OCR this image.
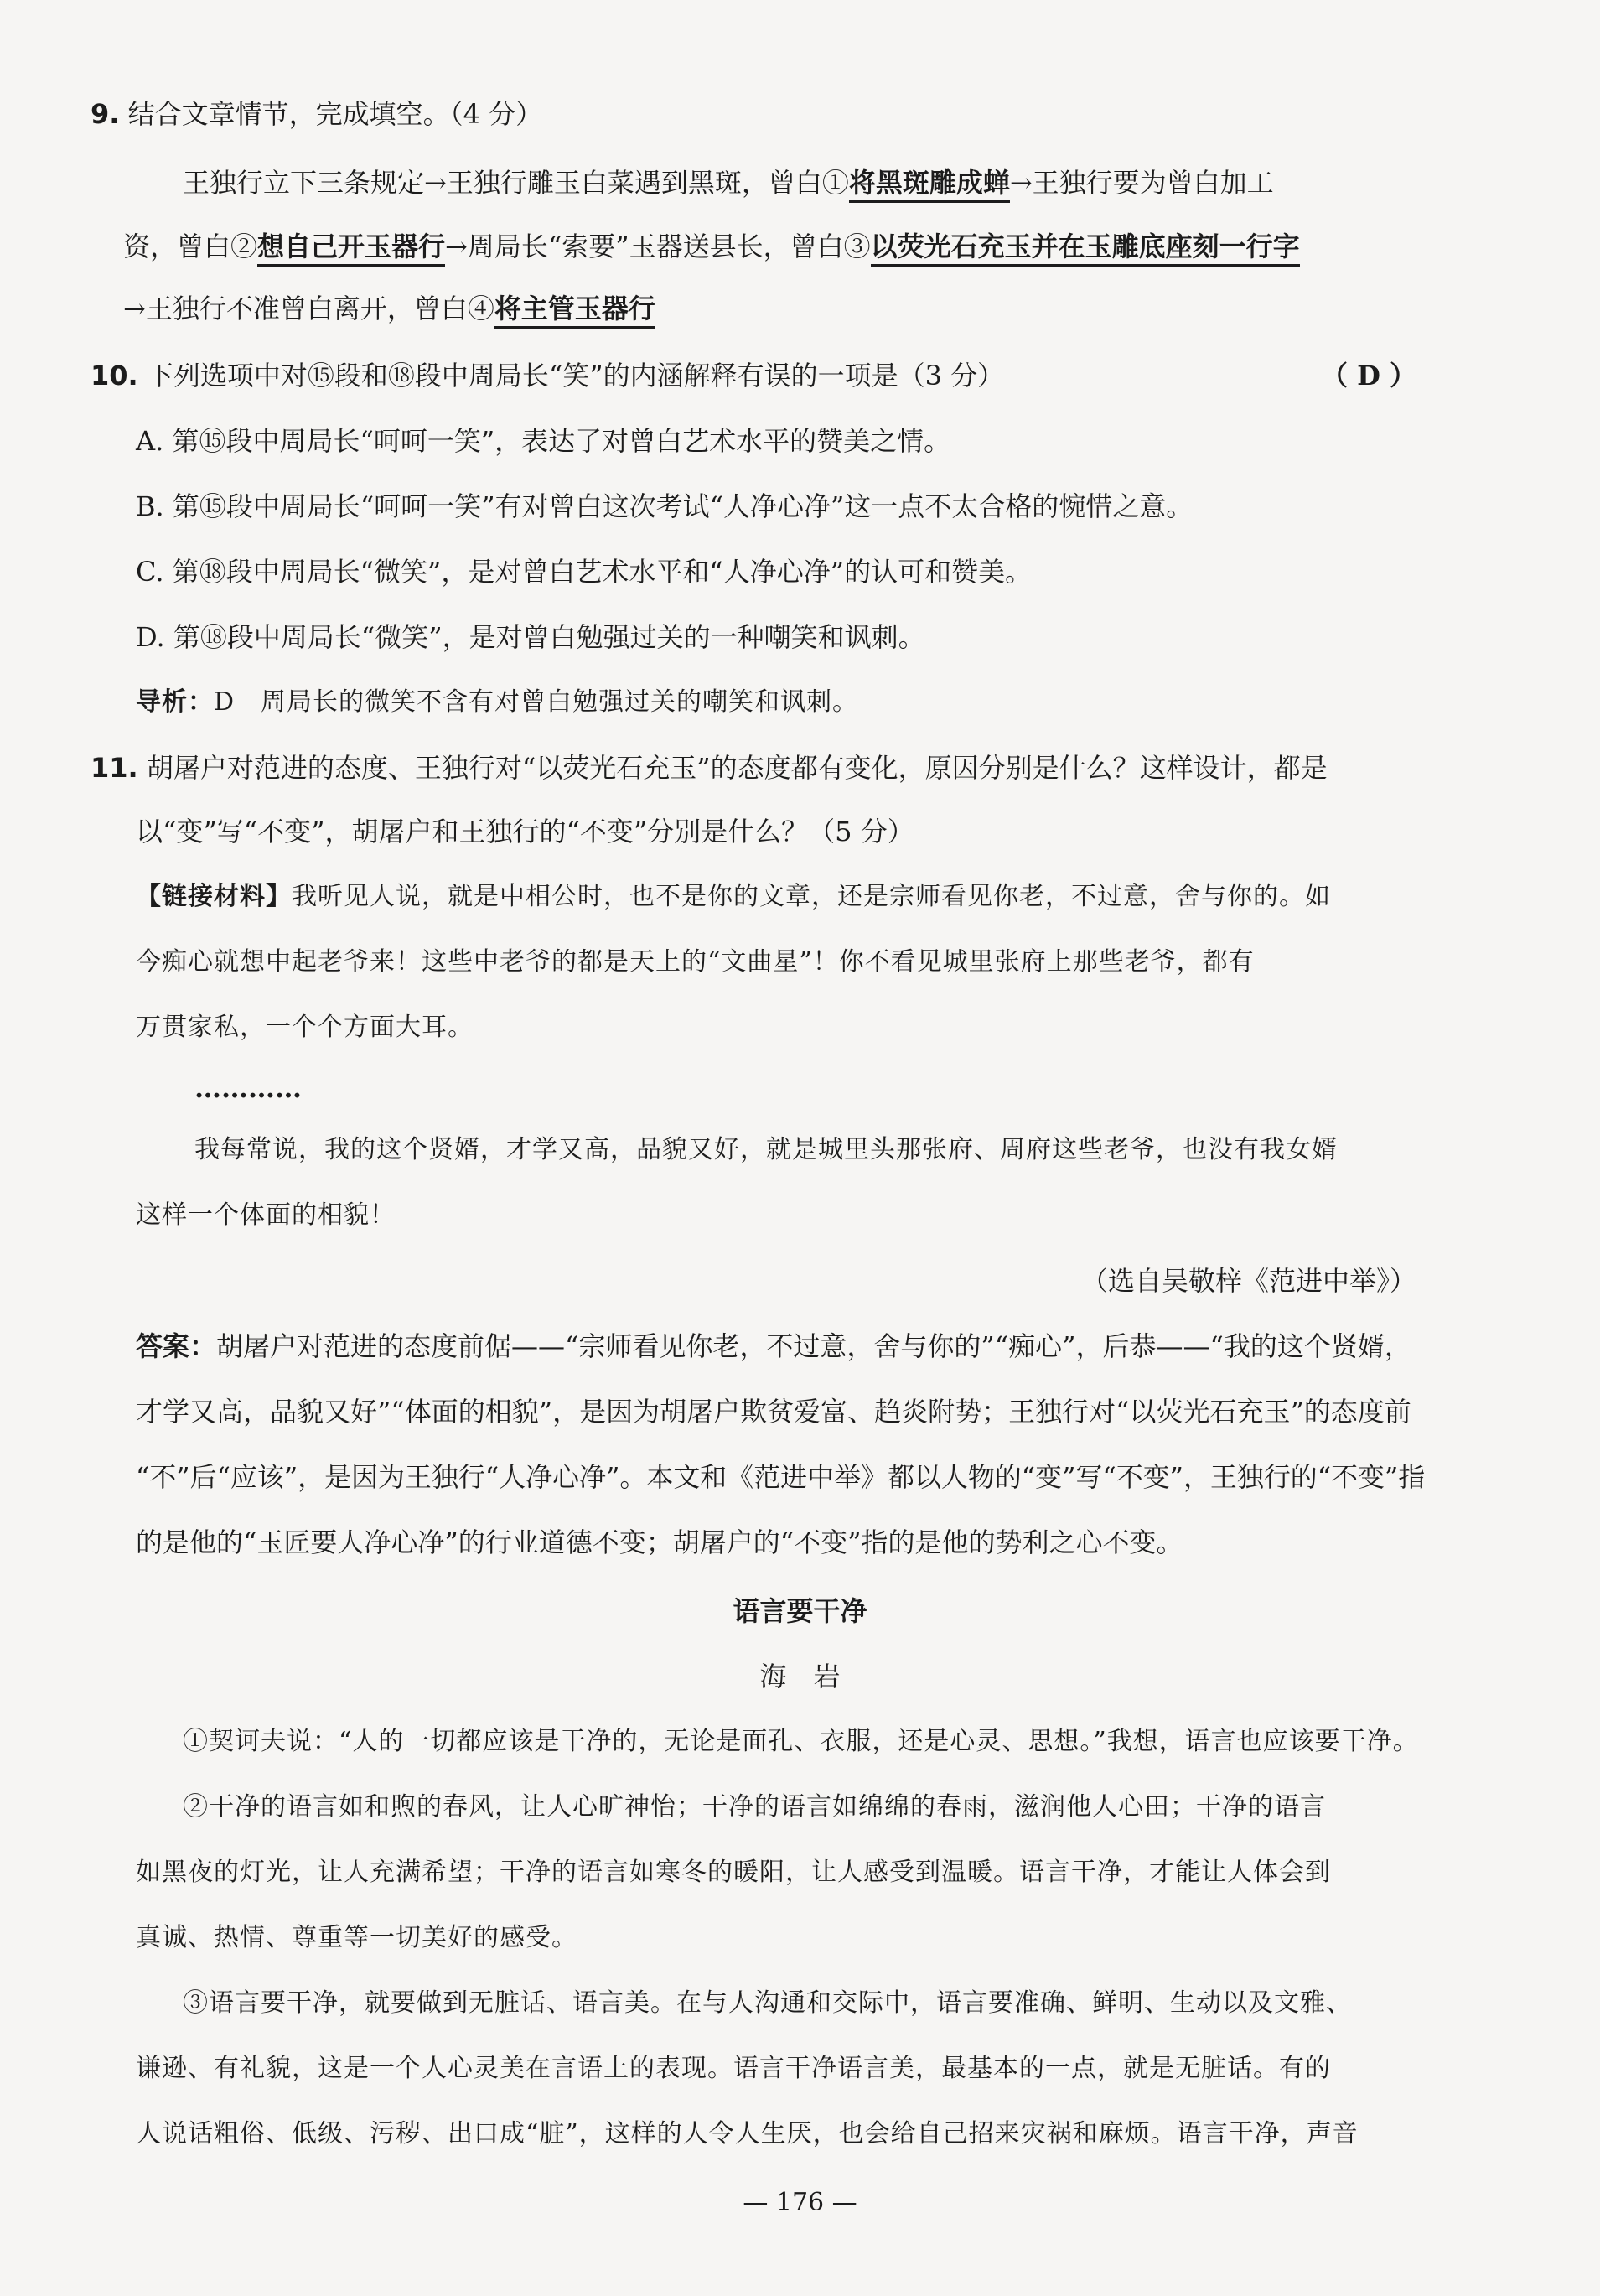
9. 结合文章情节，完成填空。（4 分）
王独行立下三条规定→王独行雕玉白菜遇到黑斑，曾白①将黑斑雕成蝉→王独行要为曾白加工
资，曾白②想自己开玉器行→周局长“索要”玉器送县长，曾白③以荧光石充玉并在玉雕底座刻一行字
→王独行不准曾白离开，曾白④将主管玉器行
10. 下列选项中对⑮段和⑱段中周局长“笑”的内涵解释有误的一项是（3 分）	（ D ）
A. 第⑮段中周局长“呵呵一笑”，表达了对曾白艺术水平的赞美之情。
B. 第⑮段中周局长“呵呵一笑”有对曾白这次考试“人净心净”这一点不太合格的惋惜之意。
C. 第⑱段中周局长“微笑”，是对曾白艺术水平和“人净心净”的认可和赞美。
D. 第⑱段中周局长“微笑”，是对曾白勉强过关的一种嘲笑和讽刺。
导析：D　周局长的微笑不含有对曾白勉强过关的嘲笑和讽刺。
11. 胡屠户对范进的态度、王独行对“以荧光石充玉”的态度都有变化，原因分别是什么？这样设计，都是
以“变”写“不变”，胡屠户和王独行的“不变”分别是什么？（5 分）
【链接材料】我听见人说，就是中相公时，也不是你的文章，还是宗师看见你老，不过意，舍与你的。如
今痴心就想中起老爷来！这些中老爷的都是天上的“文曲星”！你不看见城里张府上那些老爷，都有
万贯家私，一个个方面大耳。
…………
我每常说，我的这个贤婿，才学又高，品貌又好，就是城里头那张府、周府这些老爷，也没有我女婿
这样一个体面的相貌！
（选自吴敬梓《范进中举》）
答案：胡屠户对范进的态度前倨——“宗师看见你老，不过意，舍与你的”“痴心”，后恭——“我的这个贤婿，
才学又高，品貌又好”“体面的相貌”，是因为胡屠户欺贫爱富、趋炎附势；王独行对“以荧光石充玉”的态度前
“不”后“应该”，是因为王独行“人净心净”。本文和《范进中举》都以人物的“变”写“不变”，王独行的“不变”指
的是他的“玉匠要人净心净”的行业道德不变；胡屠户的“不变”指的是他的势利之心不变。
语言要干净
海　岩
①契诃夫说：“人的一切都应该是干净的，无论是面孔、衣服，还是心灵、思想。”我想，语言也应该要干净。
②干净的语言如和煦的春风，让人心旷神怡；干净的语言如绵绵的春雨，滋润他人心田；干净的语言
如黑夜的灯光，让人充满希望；干净的语言如寒冬的暖阳，让人感受到温暖。语言干净，才能让人体会到
真诚、热情、尊重等一切美好的感受。
③语言要干净，就要做到无脏话、语言美。在与人沟通和交际中，语言要准确、鲜明、生动以及文雅、
谦逊、有礼貌，这是一个人心灵美在言语上的表现。语言干净语言美，最基本的一点，就是无脏话。有的
人说话粗俗、低级、污秽、出口成“脏”，这样的人令人生厌，也会给自己招来灾祸和麻烦。语言干净，声音
— 176 —
